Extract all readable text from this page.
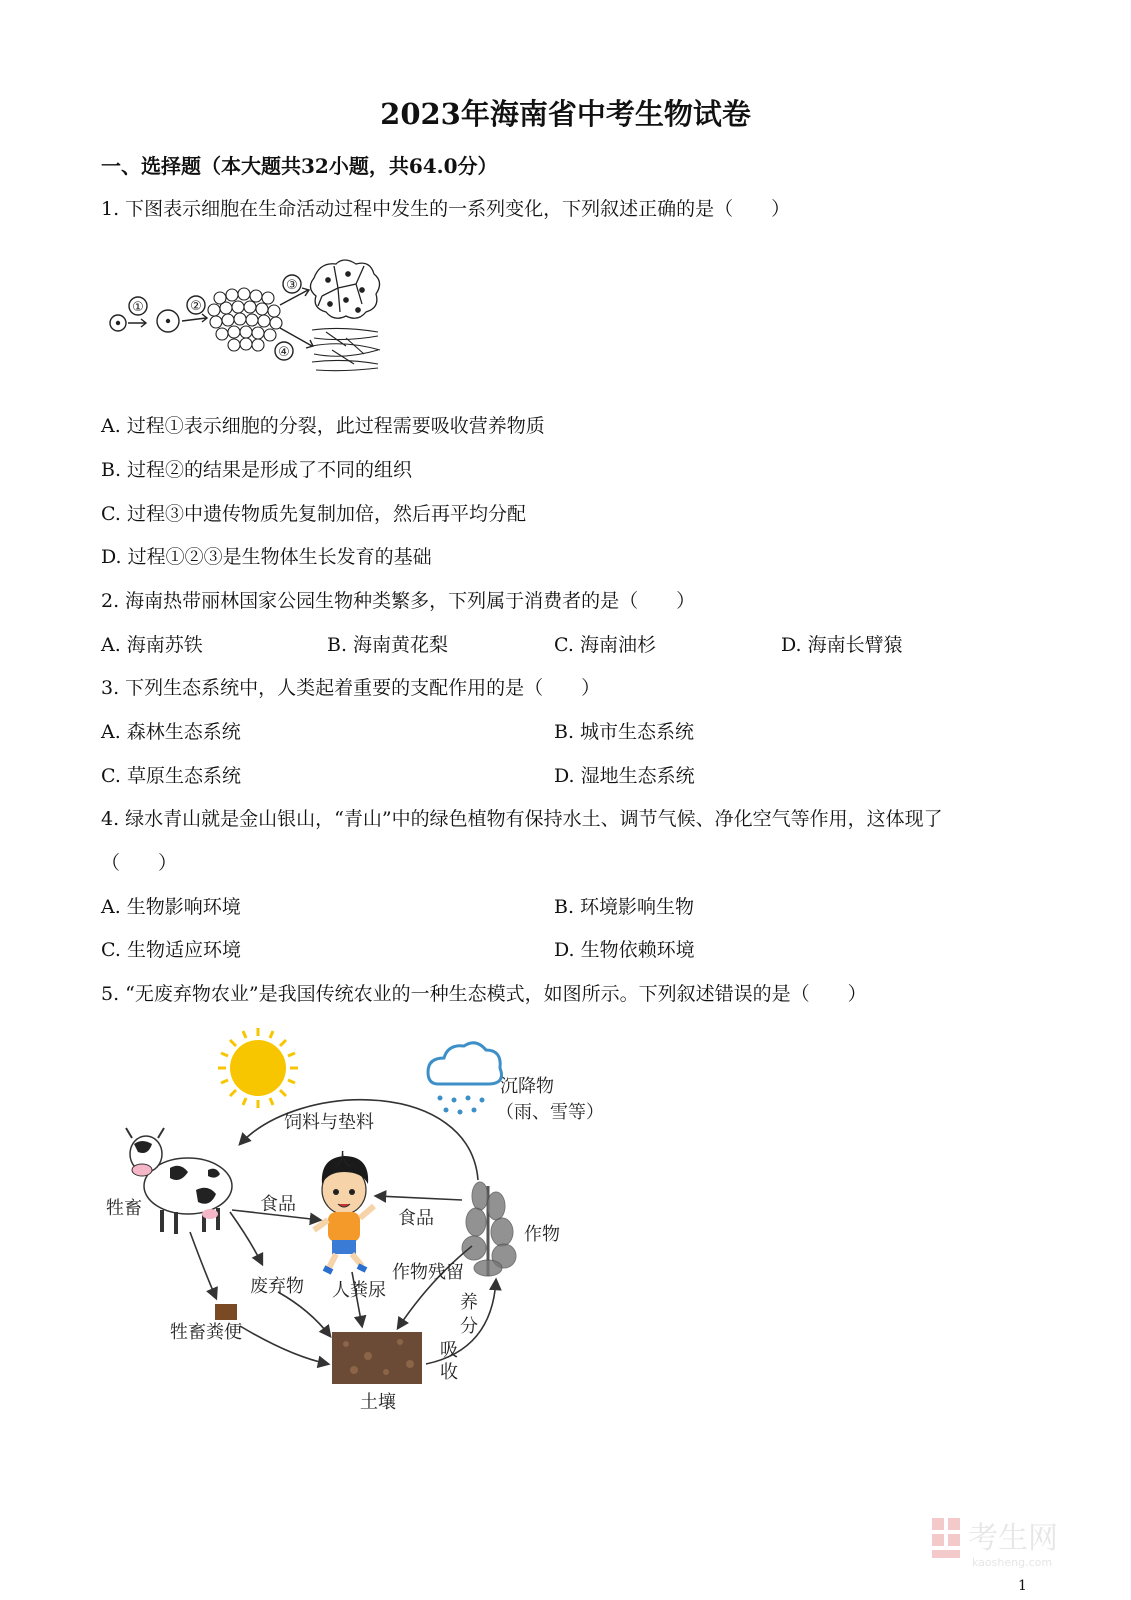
2023年海南省中考生物试卷
一、选择题（本大题共32小题，共64.0分）
1. 下图表示细胞在生命活动过程中发生的一系列变化，下列叙述正确的是（　　）
①	②
③
④
A. 过程①表示细胞的分裂，此过程需要吸收营养物质
B. 过程②的结果是形成了不同的组织
C. 过程③中遗传物质先复制加倍，然后再平均分配
D. 过程①②③是生物体生长发育的基础
2. 海南热带丽林国家公园生物种类繁多，下列属于消费者的是（　　）
A. 海南苏铁	B. 海南黄花梨	C. 海南油杉	D. 海南长臂猿
3. 下列生态系统中，人类起着重要的支配作用的是（　　）
A. 森林生态系统	B. 城市生态系统
C. 草原生态系统	D. 湿地生态系统
4. 绿水青山就是金山银山，“青山”中的绿色植物有保持水土、调节气候、净化空气等作用，这体现了
（　　）
A. 生物影响环境	B. 环境影响生物
C. 生物适应环境	D. 生物依赖环境
5. “无废弃物农业”是我国传统农业的一种生态模式，如图所示。下列叙述错误的是（　　）
沉降物
（雨、雪等）
饲料与垫料
人
牲畜	食品
食品
作物
废弃物 人粪尿
作物残留
牲畜粪便
土壤
养
分
吸
收
考生网
kaosheng.com
1
